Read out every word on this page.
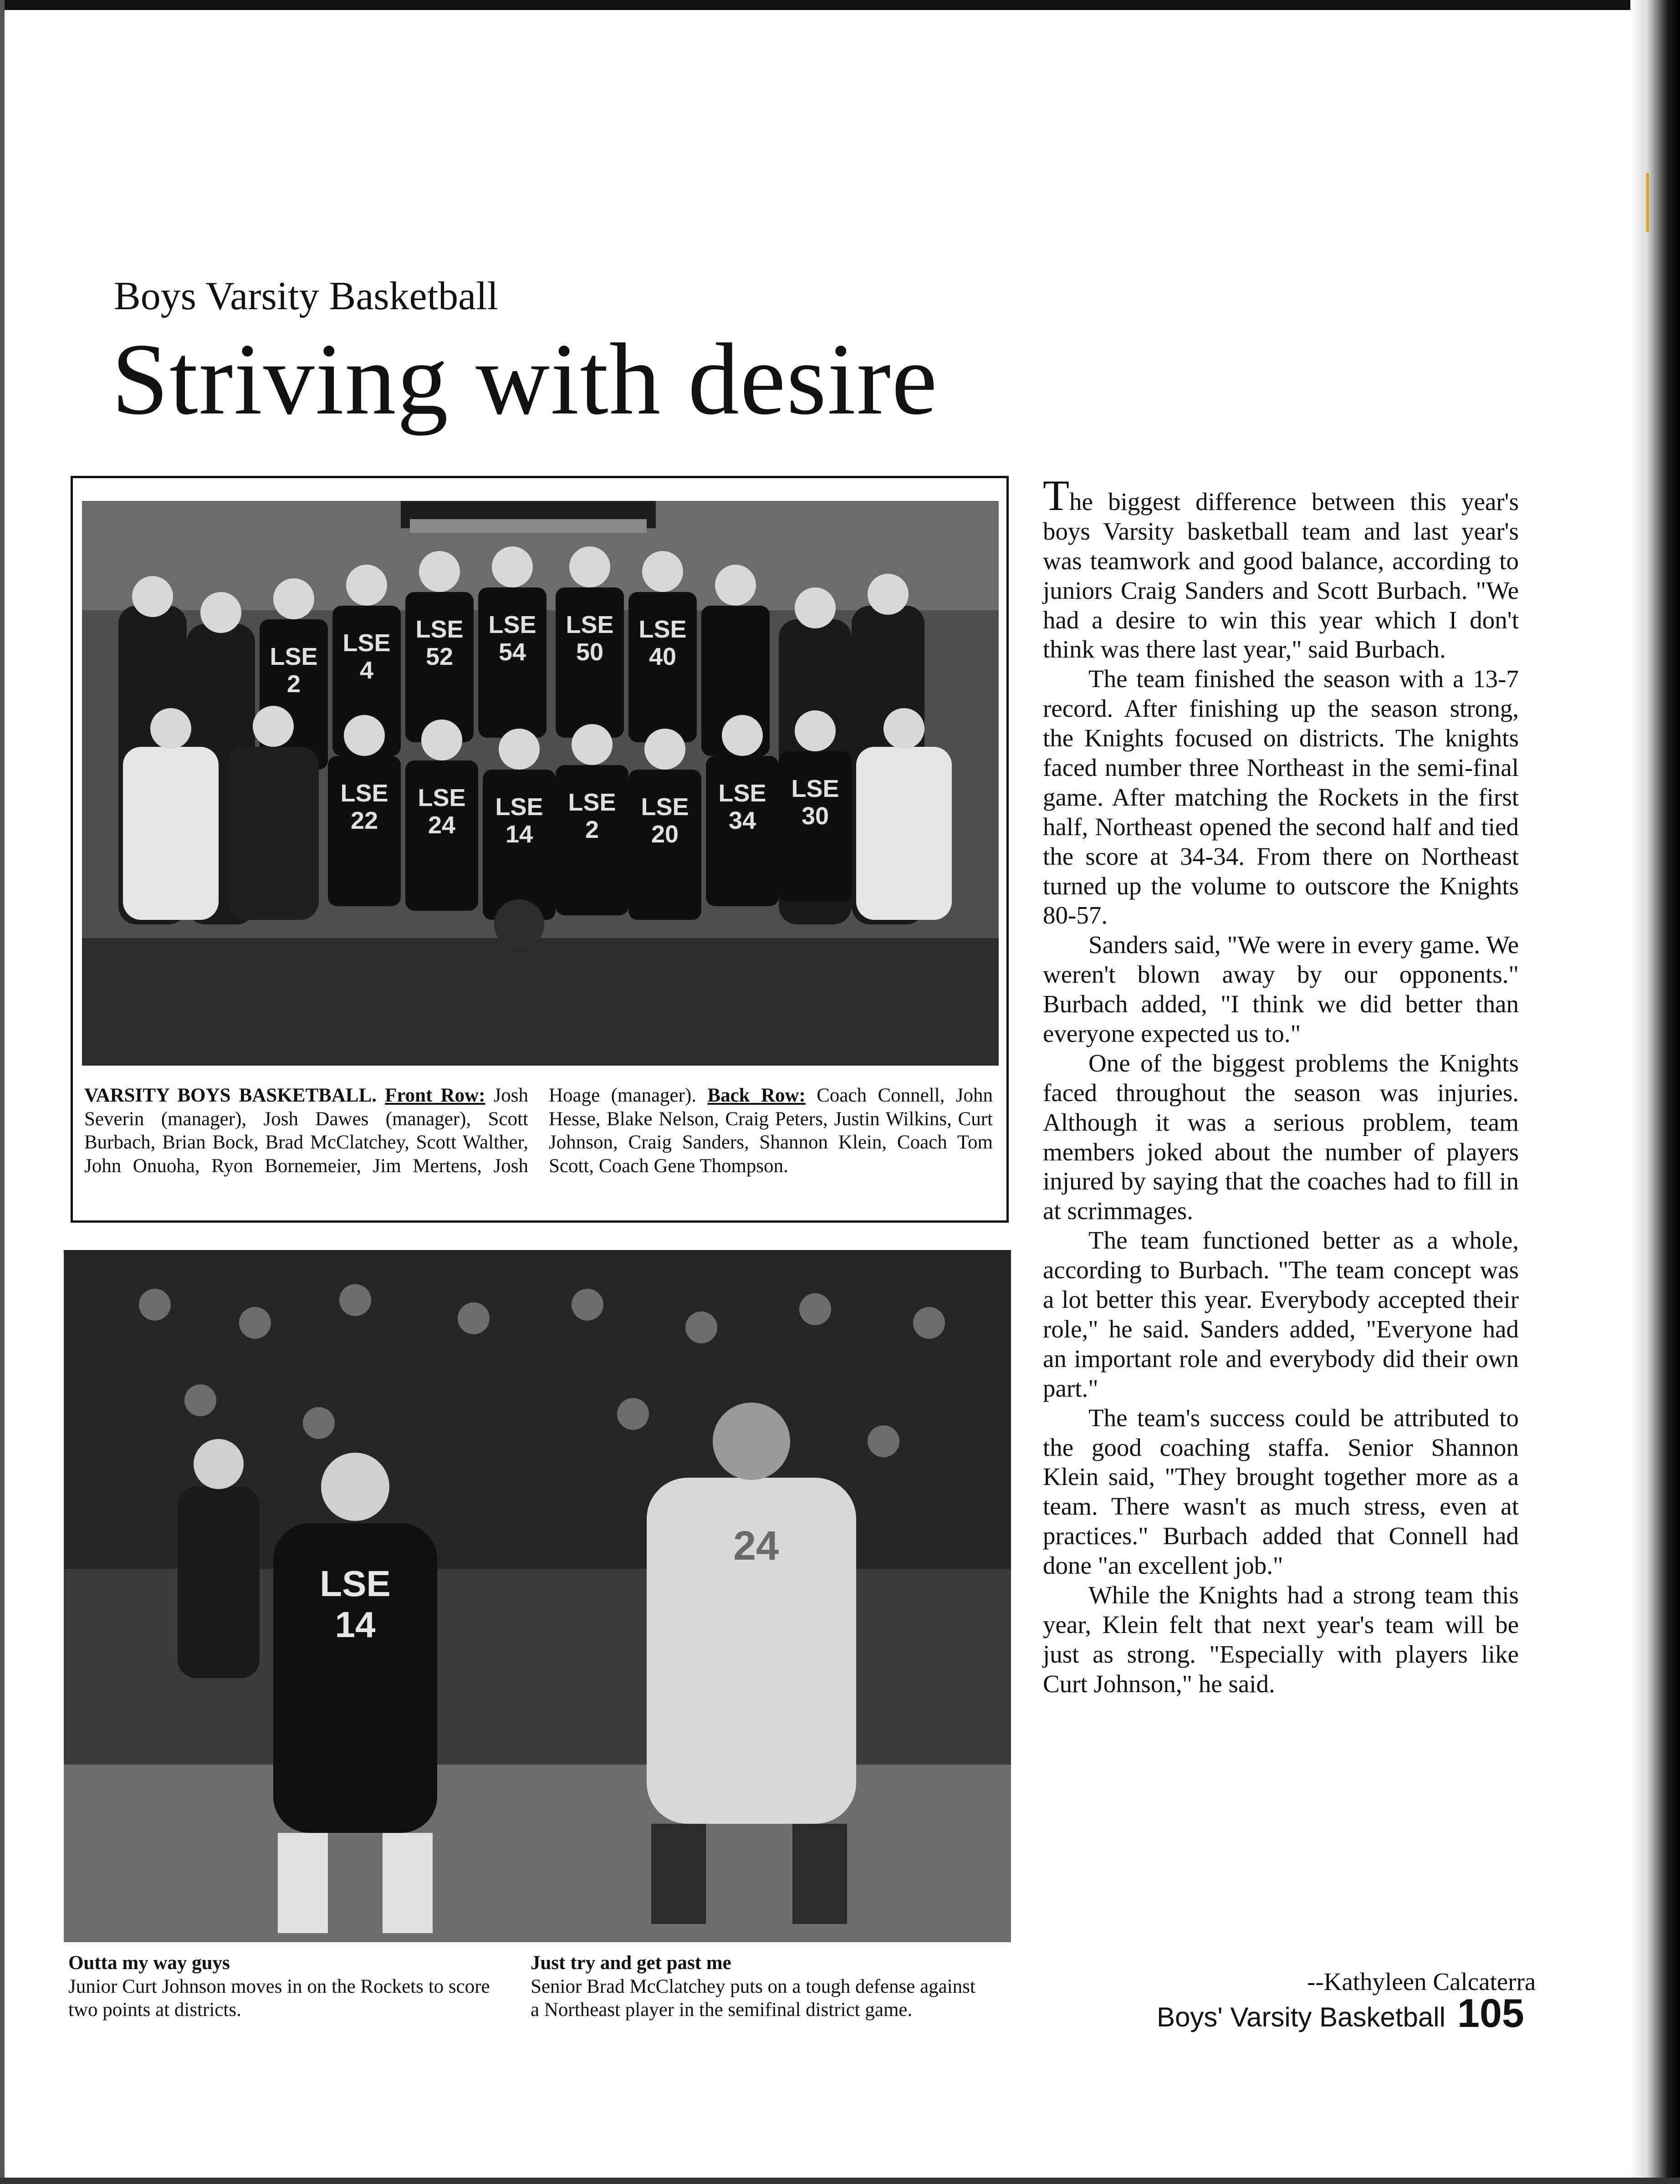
Boys Varsity Basketball
Striving with desire
LSE
2
LSE
4
LSE
52
LSE
54
LSE
50
LSE
40
LSE
22
LSE
24
LSE
14
LSE
2
LSE
20
LSE
34
LSE
30
VARSITY BOYS BASKETBALL. Front Row: Josh Severin (manager), Josh Dawes (manager), Scott Burbach, Brian Bock, Brad McClatchey, Scott Walther, John Onuoha, Ryon Bornemeier, Jim Mertens, Josh Hoage (manager). Back Row: Coach Connell, John Hesse, Blake Nelson, Craig Peters, Justin Wilkins, Curt Johnson, Craig Sanders, Shannon Klein, Coach Tom Scott, Coach Gene Thompson.
LSE
14
24
Outta my way guys
Junior Curt Johnson moves in on the Rockets to score two points at districts.
Just try and get past me
Senior Brad McClatchey puts on a tough defense against a Northeast player in the semifinal district game.

The biggest difference between this year's boys Varsity basketball team and last year's was teamwork and good balance, according to juniors Craig Sanders and Scott Burbach. "We had a desire to win this year which I don't think was there last year," said Burbach.

The team finished the season with a 13-7 record. After finishing up the season strong, the Knights focused on districts. The knights faced number three Northeast in the semi-final game. After matching the Rockets in the first half, Northeast opened the second half and tied the score at 34-34. From there on Northeast turned up the volume to outscore the Knights 80-57.

Sanders said, "We were in every game. We weren't blown away by our opponents." Burbach added, "I think we did better than everyone expected us to."

One of the biggest problems the Knights faced throughout the season was injuries. Although it was a serious problem, team members joked about the number of players injured by saying that the coaches had to fill in at scrimmages.

The team functioned better as a whole, according to Burbach. "The team concept was a lot better this year. Everybody accepted their role," he said. Sanders added, "Everyone had an important role and everybody did their own part."

The team's success could be attributed to the good coaching staffa. Senior Shannon Klein said, "They brought together more as a team. There wasn't as much stress, even at practices." Burbach added that Connell had done "an excellent job."

While the Knights had a strong team this year, Klein felt that next year's team will be just as strong. "Especially with players like Curt Johnson," he said.

--Kathyleen Calcaterra
Boys' Varsity Basketball 105
